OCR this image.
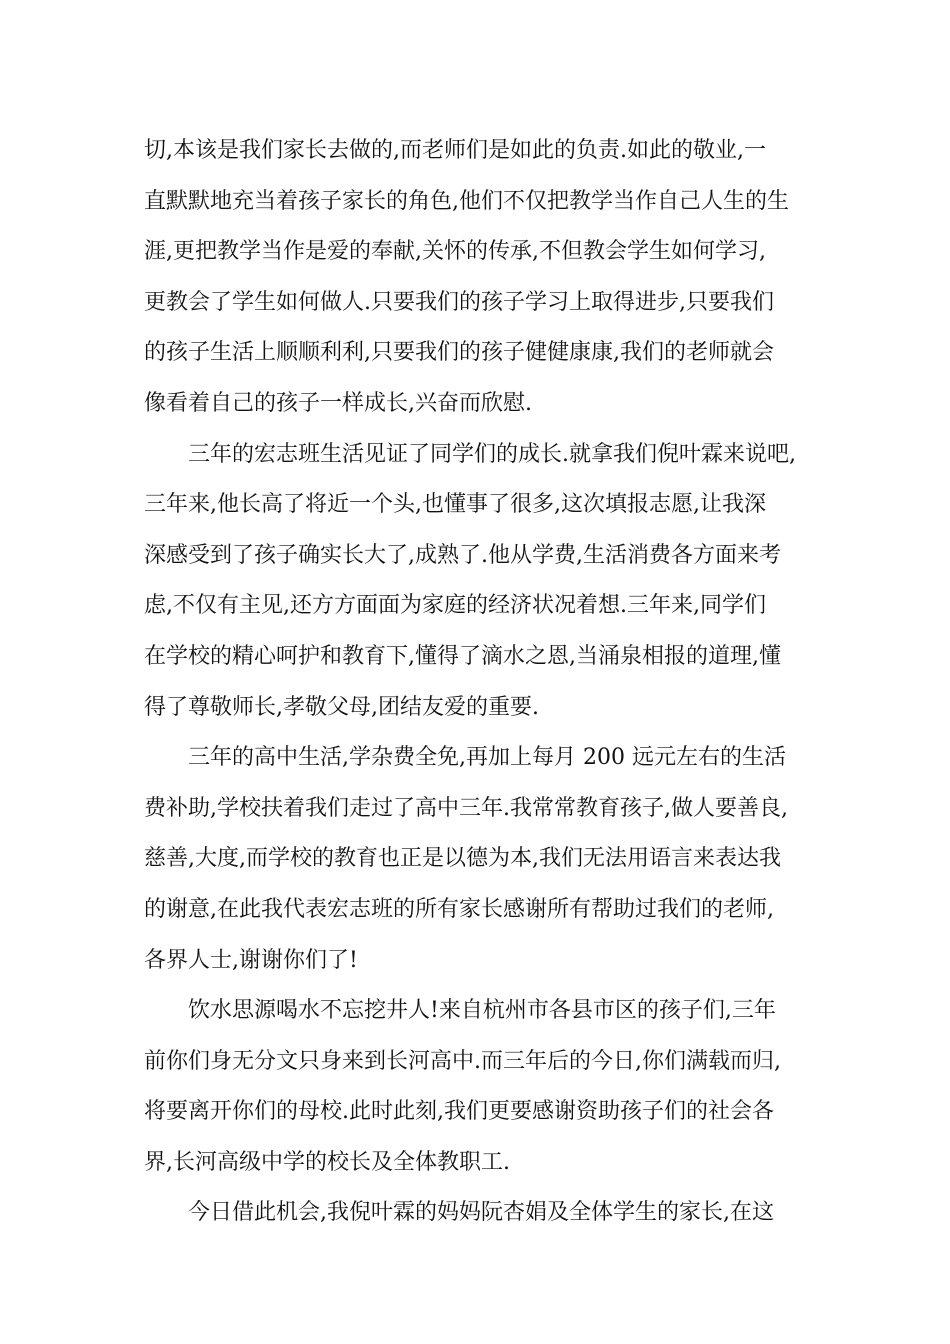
切,本该是我们家长去做的,而老师们是如此的负责.如此的敬业,一
直默默地充当着孩子家长的角色,他们不仅把教学当作自己人生的生
涯,更把教学当作是爱的奉献,关怀的传承,不但教会学生如何学习,
更教会了学生如何做人.只要我们的孩子学习上取得进步,只要我们
的孩子生活上顺顺利利,只要我们的孩子健健康康,我们的老师就会
像看着自己的孩子一样成长,兴奋而欣慰.
三年的宏志班生活见证了同学们的成长.就拿我们倪叶霖来说吧,
三年来,他长高了将近一个头,也懂事了很多,这次填报志愿,让我深
深感受到了孩子确实长大了,成熟了.他从学费,生活消费各方面来考
虑,不仅有主见,还方方面面为家庭的经济状况着想.三年来,同学们
在学校的精心呵护和教育下,懂得了滴水之恩,当涌泉相报的道理,懂
得了尊敬师长,孝敬父母,团结友爱的重要.
三年的高中生活,学杂费全免,再加上每月 200 远元左右的生活
费补助,学校扶着我们走过了高中三年.我常常教育孩子,做人要善良,
慈善,大度,而学校的教育也正是以德为本,我们无法用语言来表达我
的谢意,在此我代表宏志班的所有家长感谢所有帮助过我们的老师,
各界人士,谢谢你们了!
饮水思源喝水不忘挖井人!来自杭州市各县市区的孩子们,三年
前你们身无分文只身来到长河高中.而三年后的今日,你们满载而归,
将要离开你们的母校.此时此刻,我们更要感谢资助孩子们的社会各
界,长河高级中学的校长及全体教职工.
今日借此机会,我倪叶霖的妈妈阮杏娟及全体学生的家长,在这
